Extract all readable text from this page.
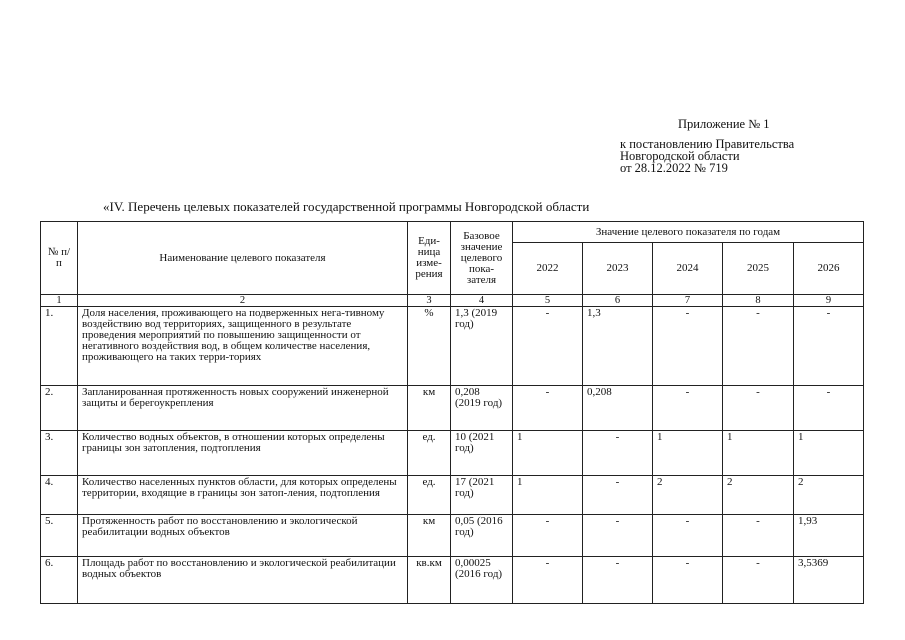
Приложение № 1
к постановлению Правительства
Новгородской области
от 28.12.2022 № 719
«IV. Перечень целевых показателей государственной программы Новгородской области
№ п/п	Наименование целевого показателя	Еди-ница изме-рения	Базовое значение целевого пока-зателя	Значение целевого показателя по годам				
				2022	2023	2024	2025	2026
1	2	3	4	5	6	7	8	9
1.	Доля населения, проживающего на подверженных нега-тивному воздействию вод территориях, защищенного в результате проведения мероприятий по повышению защищенности от негативного воздействия вод, в общем количестве населения, проживающего на таких терри-ториях	%	1,3 (2019 год)	-	1,3	-	-	-
2.	Запланированная протяженность новых сооружений инженерной защиты и берегоукрепления	км	0,208 (2019 год)	-	0,208	-	-	-
3.	Количество водных объектов, в отношении которых определены границы зон затопления, подтопления	ед.	10 (2021 год)	1	-	1	1	1
4.	Количество населенных пунктов области, для которых определены территории, входящие в границы зон затоп-ления, подтопления	ед.	17 (2021 год)	1	-	2	2	2
5.	Протяженность работ по восстановлению и экологической реабилитации водных объектов	км	0,05 (2016 год)	-	-	-	-	1,93
6.	Площадь работ по восстановлению и экологической реабилитации водных объектов	кв.км	0,00025 (2016 год)	-	-	-	-	3,5369
